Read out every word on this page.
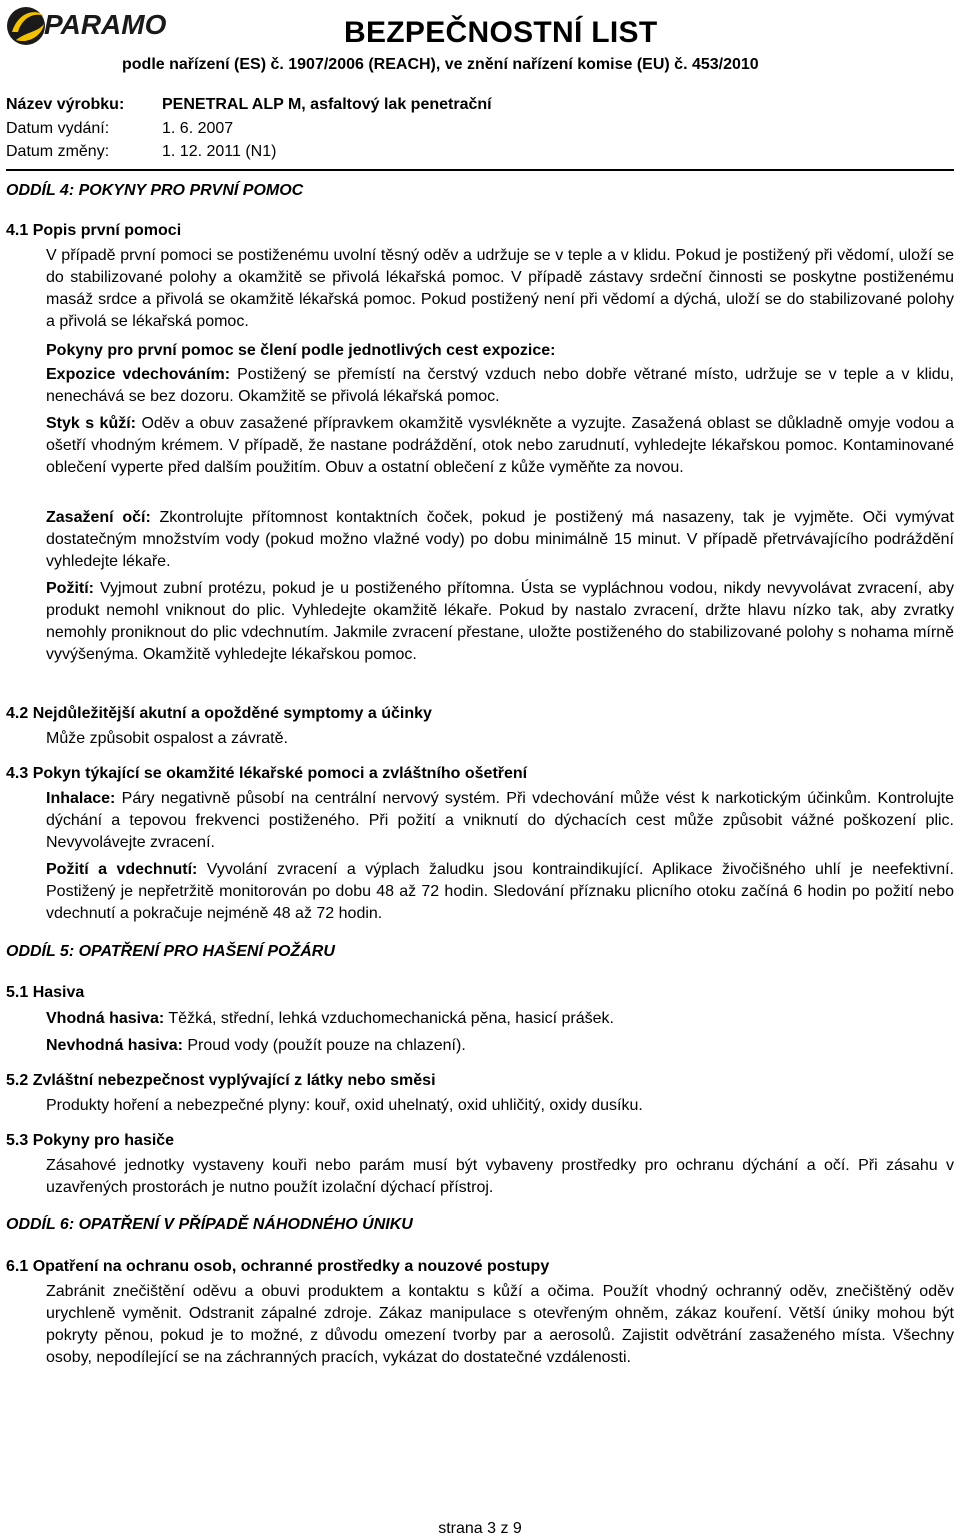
PARAMO	BEZPEČNOSTNÍ LIST
podle nařízení (ES) č. 1907/2006 (REACH), ve znění nařízení komise (EU) č. 453/2010
Název výrobku: PENETRAL ALP M, asfaltový lak penetrační
Datum vydání:	1. 6. 2007
Datum změny:	1. 12. 2011 (N1)
ODDÍL 4: POKYNY PRO PRVNÍ POMOC
4.1 Popis první pomoci
V případě první pomoci se postiženému uvolní těsný oděv a udržuje se v teple a v klidu. Pokud je postižený při vědomí, uloží se do stabilizované polohy a okamžitě se přivolá lékařská pomoc. V případě zástavy srdeční činnosti se poskytne postiženému masáž srdce a přivolá se okamžitě lékařská pomoc. Pokud postižený není při vědomí a dýchá, uloží se do stabilizované polohy a přivolá se lékařská pomoc.
Pokyny pro první pomoc se člení podle jednotlivých cest expozice:
Expozice vdechováním: Postižený se přemístí na čerstvý vzduch nebo dobře větrané místo, udržuje se v teple a v klidu, nenechává se bez dozoru. Okamžitě se přivolá lékařská pomoc.
Styk s kůží: Oděv a obuv zasažené přípravkem okamžitě vysvlékněte a vyzujte. Zasažená oblast se důkladně omyje vodou a ošetří vhodným krémem. V případě, že nastane podráždění, otok nebo zarudnutí, vyhledejte lékařskou pomoc. Kontaminované oblečení vyperte před dalším použitím. Obuv a ostatní oblečení z kůže vyměňte za novou.
Zasažení očí: Zkontrolujte přítomnost kontaktních čoček, pokud je postižený má nasazeny, tak je vyjměte. Oči vymývat dostatečným množstvím vody (pokud možno vlažné vody) po dobu minimálně 15 minut. V případě přetrvávajícího podráždění vyhledejte lékaře.
Požití: Vyjmout zubní protézu, pokud je u postiženého přítomna. Ústa se vypláchnou vodou, nikdy nevyvolávat zvracení, aby produkt nemohl vniknout do plic. Vyhledejte okamžitě lékaře. Pokud by nastalo zvracení, držte hlavu nízko tak, aby zvratky nemohly proniknout do plic vdechnutím. Jakmile zvracení přestane, uložte postiženého do stabilizované polohy s nohama mírně vyvýšenýma. Okamžitě vyhledejte lékařskou pomoc.
4.2 Nejdůležitější akutní a opožděné symptomy a účinky
Může způsobit ospalost a závratě.
4.3 Pokyn týkající se okamžité lékařské pomoci a zvláštního ošetření
Inhalace: Páry negativně působí na centrální nervový systém. Při vdechování může vést k narkotickým účinkům. Kontrolujte dýchání a tepovou frekvenci postiženého. Při požití a vniknutí do dýchacích cest může způsobit vážné poškození plic. Nevyvolávejte zvracení.
Požití a vdechnutí: Vyvolání zvracení a výplach žaludku jsou kontraindikující. Aplikace živočišného uhlí je neefektivní. Postižený je nepřetržitě monitorován po dobu 48 až 72 hodin. Sledování příznaku plicního otoku začíná 6 hodin po požití nebo vdechnutí a pokračuje nejméně 48 až 72 hodin.
ODDÍL 5: OPATŘENÍ PRO HAŠENÍ POŽÁRU
5.1 Hasiva
Vhodná hasiva: Těžká, střední, lehká vzduchomechanická pěna, hasicí prášek.
Nevhodná hasiva: Proud vody (použít pouze na chlazení).
5.2 Zvláštní nebezpečnost vyplývající z látky nebo směsi
Produkty hoření a nebezpečné plyny: kouř, oxid uhelnatý, oxid uhličitý, oxidy dusíku.
5.3 Pokyny pro hasiče
Zásahové jednotky vystaveny kouři nebo parám musí být vybaveny prostředky pro ochranu dýchání a očí. Při zásahu v uzavřených prostorách je nutno použít izolační dýchací přístroj.
ODDÍL 6: OPATŘENÍ V PŘÍPADĚ NÁHODNÉHO ÚNIKU
6.1 Opatření na ochranu osob, ochranné prostředky a nouzové postupy
Zabránit znečištění oděvu a obuvi produktem a kontaktu s kůží a očima. Použít vhodný ochranný oděv, znečištěný oděv urychleně vyměnit. Odstranit zápalné zdroje. Zákaz manipulace s otevřeným ohněm, zákaz kouření. Větší úniky mohou být pokryty pěnou, pokud je to možné, z důvodu omezení tvorby par a aerosolů. Zajistit odvětrání zasaženého místa. Všechny osoby, nepodílející se na záchranných pracích, vykázat do dostatečné vzdálenosti.
strana 3 z 9
